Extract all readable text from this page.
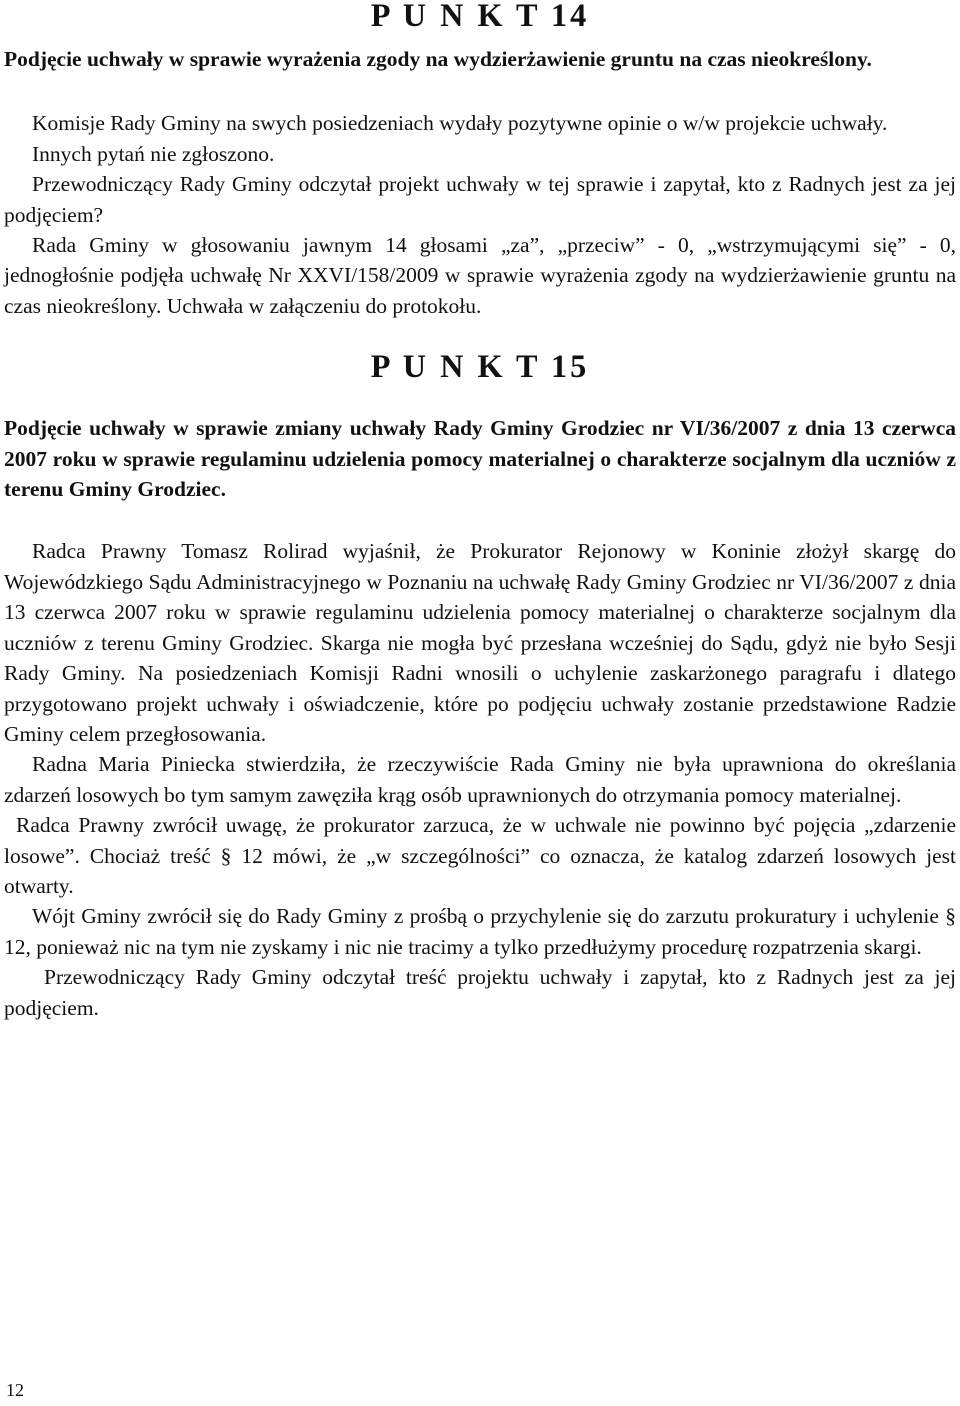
P U N K T 14

Podjęcie uchwały w sprawie wyrażenia zgody na wydzierżawienie gruntu na czas nieokreślony.

Komisje Rady Gminy na swych posiedzeniach wydały pozytywne opinie o w/w projekcie uchwały.

Innych pytań nie zgłoszono.

Przewodniczący Rady Gminy odczytał projekt uchwały w tej sprawie i zapytał, kto z Radnych jest za jej podjęciem?

Rada Gminy w głosowaniu jawnym 14 głosami „za”, „przeciw” - 0, „wstrzymującymi się” - 0, jednogłośnie podjęła uchwałę Nr XXVI/158/2009 w sprawie wyrażenia zgody na wydzierżawienie gruntu na czas nieokreślony. Uchwała w załączeniu do protokołu.

P U N K T 15

Podjęcie uchwały w sprawie zmiany uchwały Rady Gminy Grodziec nr VI/36/2007 z dnia 13 czerwca 2007 roku w sprawie regulaminu udzielenia pomocy materialnej o charakterze socjalnym dla uczniów z terenu Gminy Grodziec.

Radca Prawny Tomasz Rolirad wyjaśnił, że Prokurator Rejonowy w Koninie złożył skargę do Wojewódzkiego Sądu Administracyjnego w Poznaniu na uchwałę Rady Gminy Grodziec nr VI/36/2007 z dnia 13 czerwca 2007 roku w sprawie regulaminu udzielenia pomocy materialnej o charakterze socjalnym dla uczniów z terenu Gminy Grodziec. Skarga nie mogła być przesłana wcześniej do Sądu, gdyż nie było Sesji Rady Gminy. Na posiedzeniach Komisji Radni wnosili o uchylenie zaskarżonego paragrafu i dlatego przygotowano projekt uchwały i oświadczenie, które po podjęciu uchwały zostanie przedstawione Radzie Gminy celem przegłosowania.

Radna Maria Piniecka stwierdziła, że rzeczywiście Rada Gminy nie była uprawniona do określania zdarzeń losowych bo tym samym zawęziła krąg osób uprawnionych do otrzymania pomocy materialnej.

Radca Prawny zwrócił uwagę, że prokurator zarzuca, że w uchwale nie powinno być pojęcia „zdarzenie losowe”. Chociaż treść § 12 mówi, że „w szczególności” co oznacza, że katalog zdarzeń losowych jest otwarty.

Wójt Gminy zwrócił się do Rady Gminy z prośbą o przychylenie się do zarzutu prokuratury i uchylenie § 12, ponieważ nic na tym nie zyskamy i nic nie tracimy a tylko przedłużymy procedurę rozpatrzenia skargi.

Przewodniczący Rady Gminy odczytał treść projektu uchwały i zapytał, kto z Radnych jest za jej podjęciem.

12
